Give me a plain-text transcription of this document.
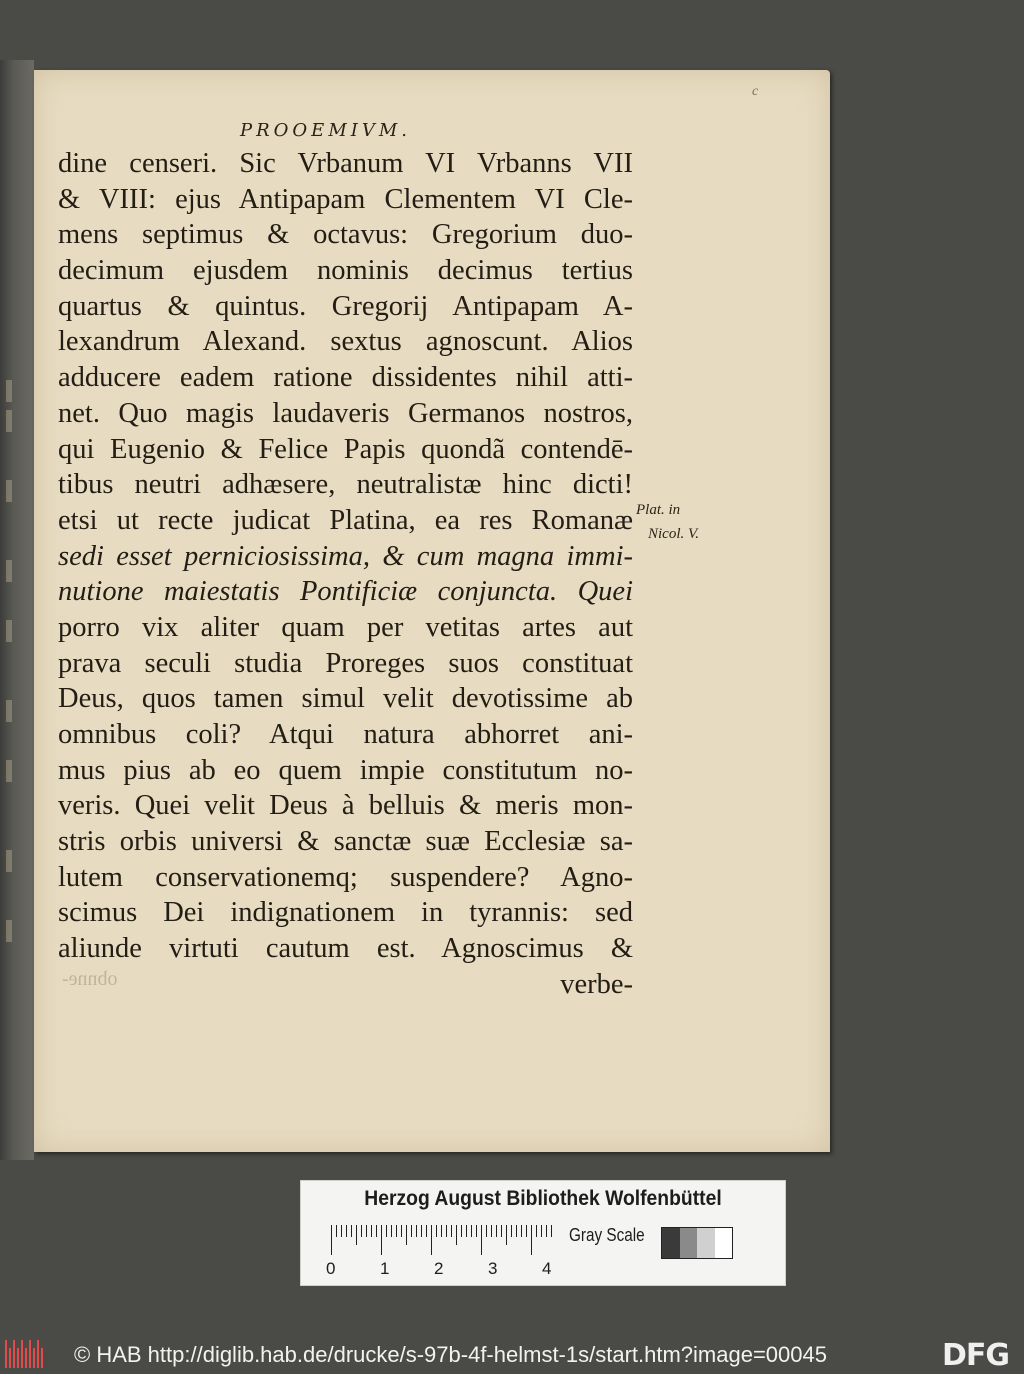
c
PROOEMIVM.
dine censeri. Sic Vrbanum VI Vrbanns VII
& VIII: ejus Antipapam Clementem VI Cle-
mens septimus & octavus: Gregorium duo-
decimum ejusdem nominis decimus tertius
quartus & quintus. Gregorij Antipapam A-
lexandrum Alexand. sextus agnoscunt. Alios
adducere eadem ratione dissidentes nihil atti-
net. Quo magis laudaveris Germanos nostros,
qui Eugenio & Felice Papis quondã contendē-
tibus neutri adhæsere, neutralistæ hinc dicti!
etsi ut recte judicat Platina, ea res Romanæ
sedi esset perniciosissima, & cum magna immi-
nutione maiestatis Pontificiæ conjuncta. Quei
porro vix aliter quam per vetitas artes aut
prava seculi studia Proreges suos constituat
Deus, quos tamen simul velit devotissime ab
omnibus coli? Atqui natura abhorret ani-
mus pius ab eo quem impie constitutum no-
veris. Quei velit Deus à belluis & meris mon-
stris orbis universi & sanctæ suæ Ecclesiæ sa-
lutem conservationemq; suspendere? Agno-
scimus Dei indignationem in tyrannis: sed
aliunde virtuti cautum est. Agnoscimus &
verbe-
Plat. in
Nicol. V.
obnne-
Herzog August Bibliothek Wolfenbüttel
0	1	2	3	4
Gray Scale
© HAB http://diglib.hab.de/drucke/s-97b-4f-helmst-1s/start.htm?image=00045	DFG
